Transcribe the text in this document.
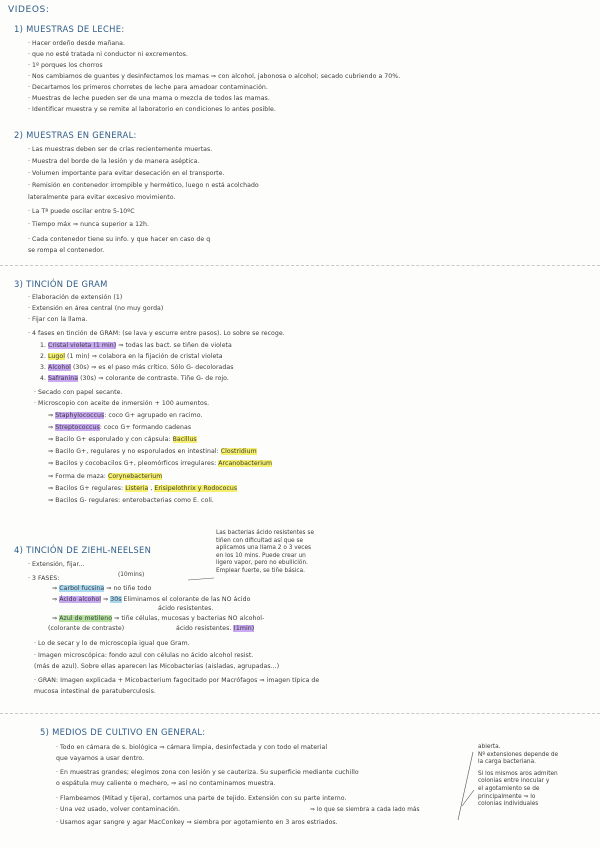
VIDEOS:
1) MUESTRAS DE LECHE:
· Hacer ordeño desde mañana.
· que no esté tratada ni conductor ni excrementos.
· 1º porques los chorros
· Nos cambiamos de guantes y desinfectamos los mamas ⇒ con alcohol, jabonosa o alcohol; secado cubriendo a 70%.
· Decartamos los primeros chorretes de leche para amadoar contaminación.
· Muestras de leche pueden ser de una mama o mezcla de todos las mamas.
· Identificar muestra y se remite al laboratorio en condiciones lo antes posible.
2) MUESTRAS EN GENERAL:
· Las muestras deben ser de crías recientemente muertas.
· Muestra del borde de la lesión y de manera aséptica.
· Volumen importante para evitar desecación en el transporte.
· Remisión en contenedor irrompible y hermético, luego n está acolchado
lateralmente para evitar excesivo movimiento.
· La Tª puede oscilar entre 5-10ºC
· Tiempo máx ⇒ nunca superior a 12h.
· Cada contenedor tiene su info. y que hacer en caso de q
se rompa el contenedor.
3) TINCIÓN DE GRAM
· Elaboración de extensión (1)
· Extensión en área central (no muy gorda)
· Fijar con la llama.
· 4 fases en tinción de GRAM: (se lava y escurre entre pasos). Lo sobre se recoge.
1. Cristal violeta (1 min) ⇒ todas las bact. se tiñen de violeta
2. Lugol (1 min) ⇒ colabora en la fijación de cristal violeta
3. Alcohol (30s) ⇒ es el paso más crítico. Sólo G- decoloradas
4. Safranina (30s) ⇒ colorante de contraste. Tiñe G- de rojo.
· Secado con papel secante.
· Microscopio con aceite de inmersión + 100 aumentos.
⇒ Staphylococcus: coco G+ agrupado en racimo.
⇒ Streptococcus: coco G+ formando cadenas
⇒ Bacilo G+ esporulado y con cápsula: Bacillus
⇒ Bacilo G+, regulares y no esporulados en intestinal: Clostridium
⇒ Bacilos y cocobacilos G+, pleomórficos irregulares: Arcanobacterium
⇒ Forma de maza: Corynebacterium
⇒ Bacilos G+ regulares: Listeria , Erisipelothrix y Rodococus
⇒ Bacilos G- regulares: enterobacterias como E. coli.
4) TINCIÓN DE ZIEHL-NEELSEN
Las bacterias ácido resistentes se
tiñen con dificultad así que se
aplicamos una llama 2 o 3 veces
en los 10 mins. Puede crear un
ligero vapor, pero no ebullición.
Emplear fuerte, se tiñe básica.
· Extensión, fijar...
· 3 FASES:	(10mins)
⇒ Carbol fucsina ⇒ no tiñe todo
⇒ Ácido alcohol ⇒ 30s Eliminamos el colorante de las NO ácido
ácido resistentes.
⇒ Azul de metileno ⇒ tiñe células, mucosas y bacterias NO alcohol-
(colorante de contraste)	ácido resistentes. (1min)
· Lo de secar y lo de microscopía igual que Gram.
· Imagen microscópica: fondo azul con células no ácido alcohol resist.
(más de azul). Sobre ellas aparecen las Micobacterias (aisladas, agrupadas...)
· GRAN: Imagen explicada + Micobacterium fagocitado por Macrófagos ⇒ imagen típica de
mucosa intestinal de paratuberculosis.
5) MEDIOS DE CULTIVO EN GENERAL:
· Todo en cámara de s. biológica ⇒ cámara limpia, desinfectada y con todo el material
que vayamos a usar dentro.
· En muestras grandes; elegimos zona con lesión y se cauteriza. Su superficie mediante cuchillo
o espátula muy caliente o mechero, ⇒ así no contaminamos muestra.
· Flambeamos (Mitad y tijera), cortamos una parte de tejido. Extensión con su parte interno.
· Una vez usado, volver contaminación.	⇒ lo que se siembra a cada lado más
· Usamos agar sangre y agar MacConkey ⇒ siembra por agotamiento en 3 aros estriados.
abierta.
Nº extensiones depende de
la carga bacteriana.
Si los mismos aros admiten
colonias entre inocular y
el agotamiento se de
principalmente ⇒ lo
colonias individuales
